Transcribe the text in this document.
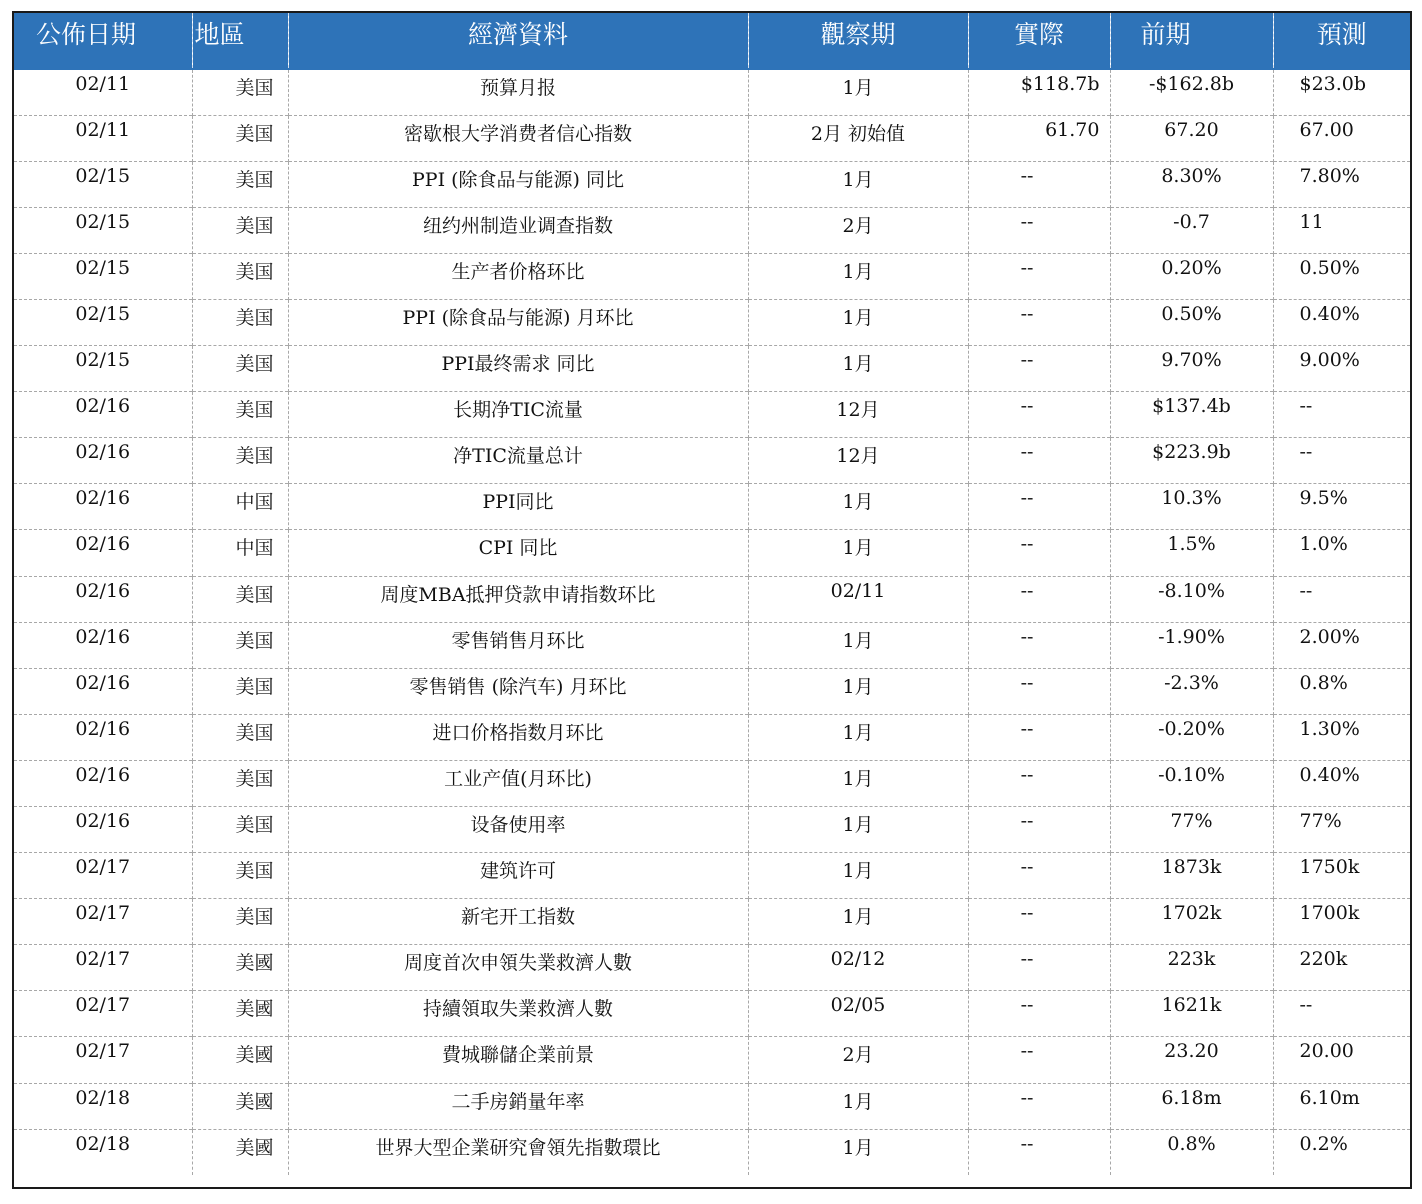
公佈日期	地區	經濟資料	觀察期	實際	前期	預測
02/11	美国	预算月报	1月	$118.7b	-$162.8b	$23.0b
02/11	美国	密歇根大学消费者信心指数	2月 初始值	61.70	67.20	67.00
02/15	美国	PPI (除食品与能源) 同比	1月	--	8.30%	7.80%
02/15	美国	纽约州制造业调查指数	2月	--	-0.7	11
02/15	美国	生产者价格环比	1月	--	0.20%	0.50%
02/15	美国	PPI (除食品与能源) 月环比	1月	--	0.50%	0.40%
02/15	美国	PPI最终需求 同比	1月	--	9.70%	9.00%
02/16	美国	长期净TIC流量	12月	--	$137.4b	--
02/16	美国	净TIC流量总计	12月	--	$223.9b	--
02/16	中国	PPI同比	1月	--	10.3%	9.5%
02/16	中国	CPI 同比	1月	--	1.5%	1.0%
02/16	美国	周度MBA抵押贷款申请指数环比	02/11	--	-8.10%	--
02/16	美国	零售销售月环比	1月	--	-1.90%	2.00%
02/16	美国	零售销售 (除汽车) 月环比	1月	--	-2.3%	0.8%
02/16	美国	进口价格指数月环比	1月	--	-0.20%	1.30%
02/16	美国	工业产值(月环比)	1月	--	-0.10%	0.40%
02/16	美国	设备使用率	1月	--	77%	77%
02/17	美国	建筑许可	1月	--	1873k	1750k
02/17	美国	新宅开工指数	1月	--	1702k	1700k
02/17	美國	周度首次申領失業救濟人數	02/12	--	223k	220k
02/17	美國	持續領取失業救濟人數	02/05	--	1621k	--
02/17	美國	費城聯儲企業前景	2月	--	23.20	20.00
02/18	美國	二手房銷量年率	1月	--	6.18m	6.10m
02/18	美國	世界大型企業研究會領先指數環比	1月	--	0.8%	0.2%
